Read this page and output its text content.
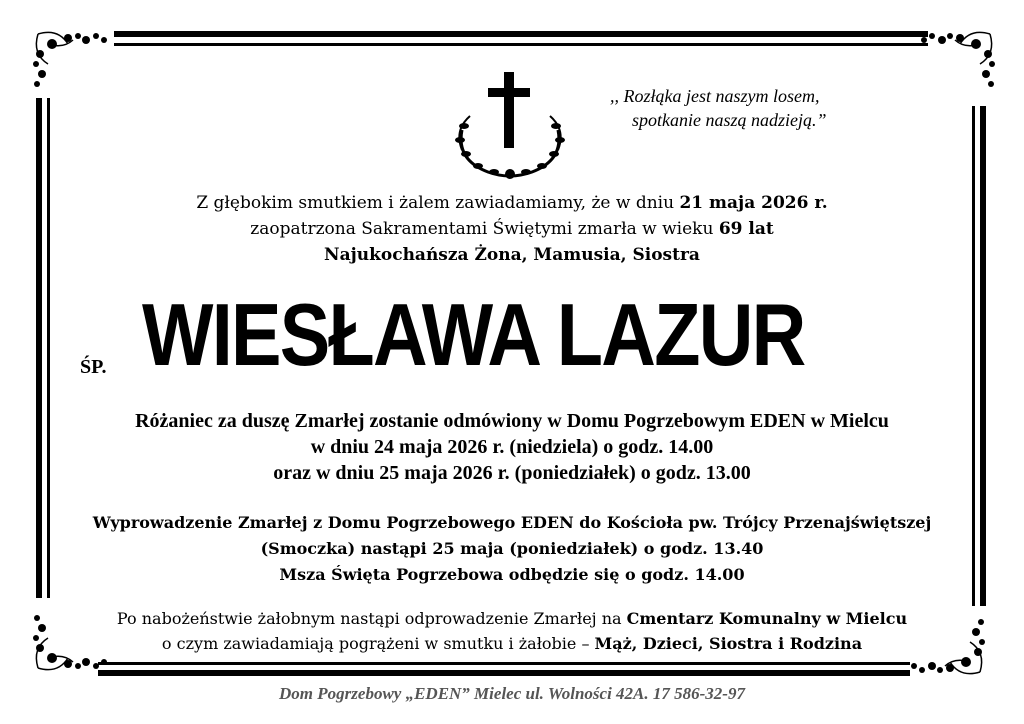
,, Rozłąka jest naszym losem,
spotkanie naszą nadzieją.”
Z głębokim smutkiem i żalem zawiadamiamy, że w dniu 21 maja 2026 r.
zaopatrzona Sakramentami Świętymi zmarła w wieku 69 lat
Najukochańsza Żona, Mamusia, Siostra
ŚP. WIESŁAWA LAZUR
Różaniec za duszę Zmarłej zostanie odmówiony w Domu Pogrzebowym EDEN w Mielcu
w dniu 24 maja 2026 r. (niedziela) o godz. 14.00
oraz w dniu 25 maja 2026 r. (poniedziałek) o godz. 13.00
Wyprowadzenie Zmarłej z Domu Pogrzebowego EDEN do Kościoła pw. Trójcy Przenajświętszej
(Smoczka) nastąpi 25 maja (poniedziałek) o godz. 13.40
Msza Święta Pogrzebowa odbędzie się o godz. 14.00
Po nabożeństwie żałobnym nastąpi odprowadzenie Zmarłej na Cmentarz Komunalny w Mielcu
o czym zawiadamiają pogrążeni w smutku i żałobie – Mąż, Dzieci, Siostra i Rodzina
Dom Pogrzebowy „EDEN” Mielec ul. Wolności 42A. 17 586-32-97
